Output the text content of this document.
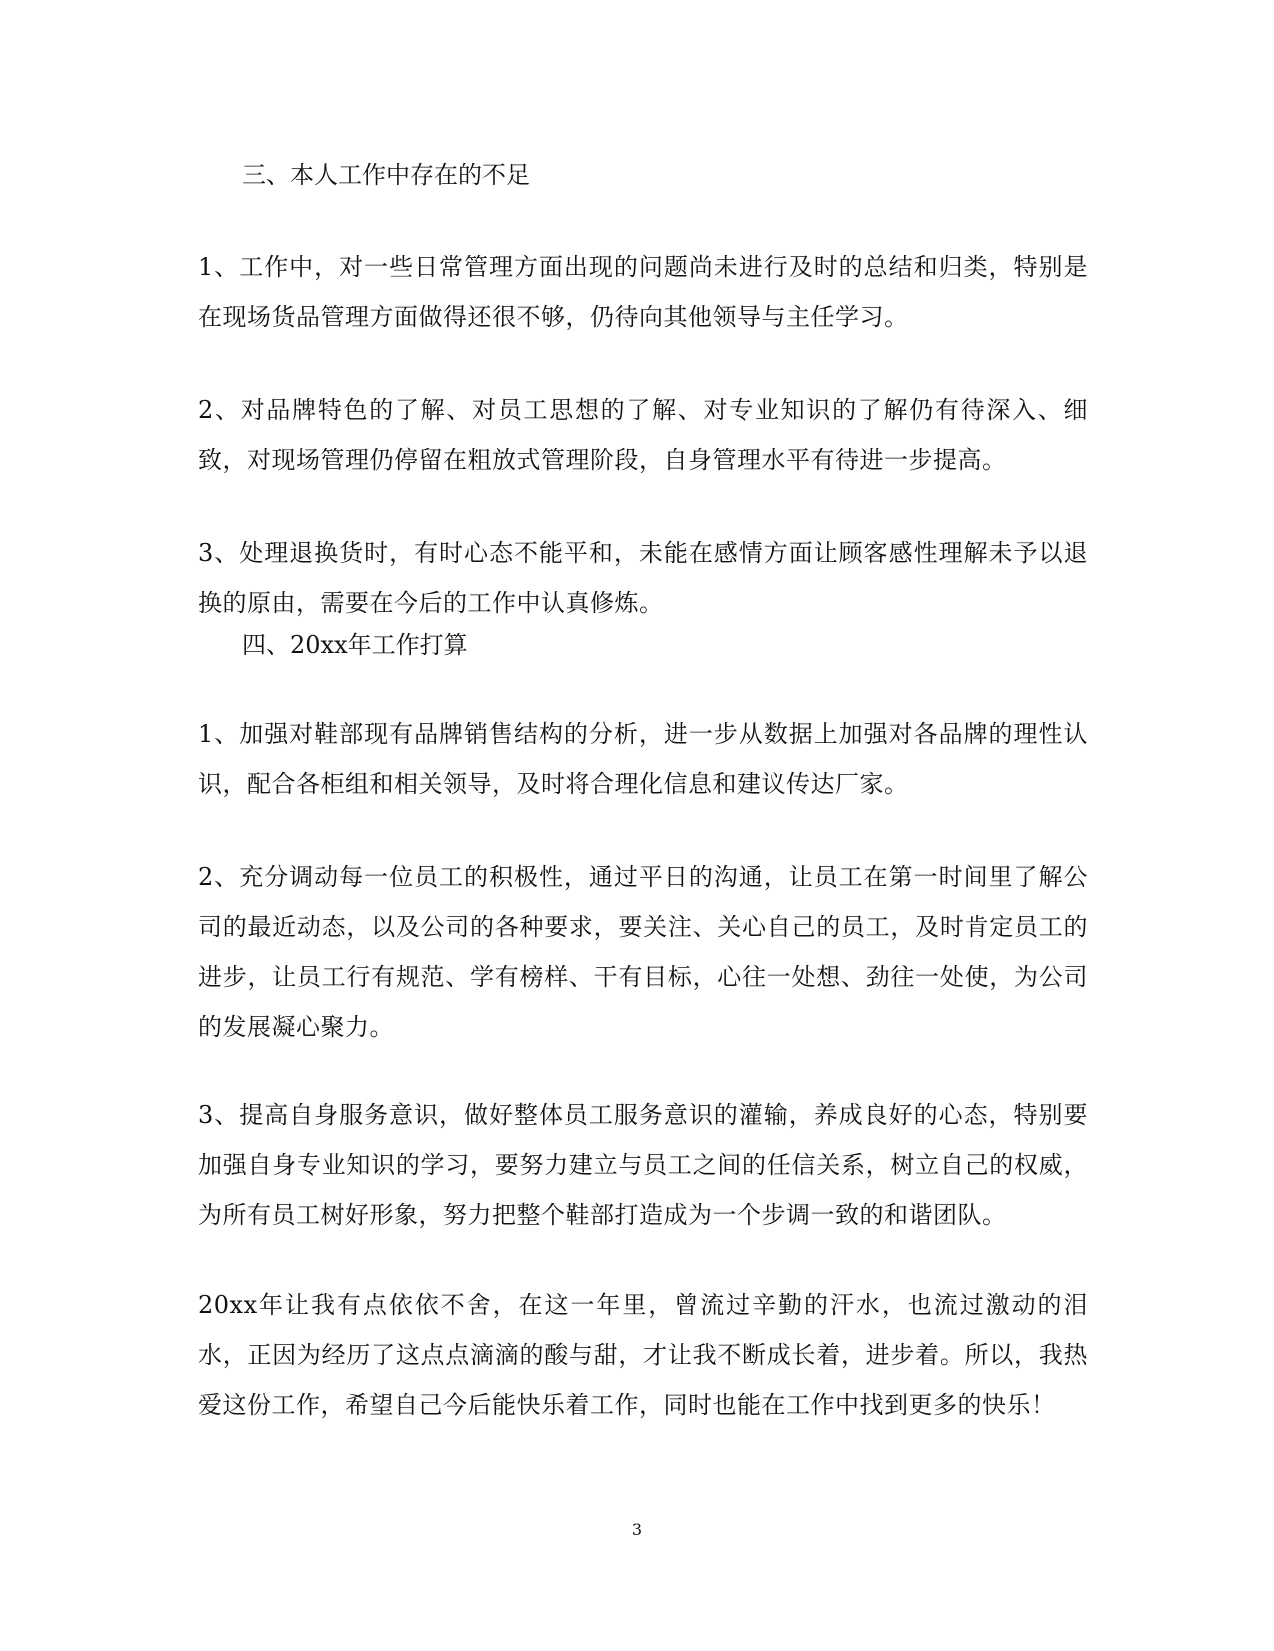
三、本人工作中存在的不足

1、工作中，对一些日常管理方面出现的问题尚未进行及时的总结和归类，特别是在现场货品管理方面做得还很不够，仍待向其他领导与主任学习。

2、对品牌特色的了解、对员工思想的了解、对专业知识的了解仍有待深入、细致，对现场管理仍停留在粗放式管理阶段，自身管理水平有待进一步提高。

3、处理退换货时，有时心态不能平和，未能在感情方面让顾客感性理解未予以退换的原由，需要在今后的工作中认真修炼。

四、20xx年工作打算

1、加强对鞋部现有品牌销售结构的分析，进一步从数据上加强对各品牌的理性认识，配合各柜组和相关领导，及时将合理化信息和建议传达厂家。

2、充分调动每一位员工的积极性，通过平日的沟通，让员工在第一时间里了解公司的最近动态，以及公司的各种要求，要关注、关心自己的员工，及时肯定员工的进步，让员工行有规范、学有榜样、干有目标，心往一处想、劲往一处使，为公司的发展凝心聚力。

3、提高自身服务意识，做好整体员工服务意识的灌输，养成良好的心态，特别要加强自身专业知识的学习，要努力建立与员工之间的任信关系，树立自己的权威，为所有员工树好形象，努力把整个鞋部打造成为一个步调一致的和谐团队。

20xx年让我有点依依不舍，在这一年里，曾流过辛勤的汗水，也流过激动的泪水，正因为经历了这点点滴滴的酸与甜，才让我不断成长着，进步着。所以，我热爱这份工作，希望自己今后能快乐着工作，同时也能在工作中找到更多的快乐！

3
